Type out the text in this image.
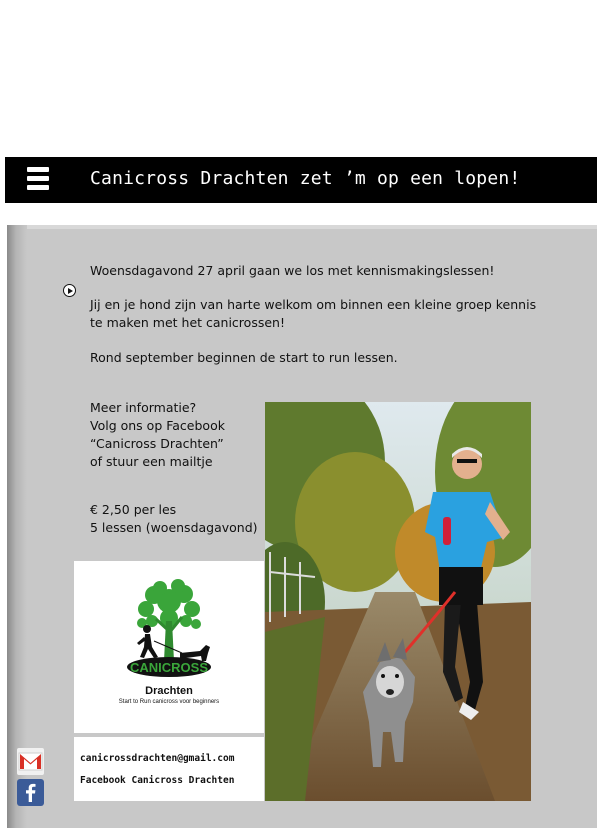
Canicross Drachten zet ’m op een lopen!
Woensdagavond 27 april gaan we los met kennismakingslessen!
Jij en je hond zijn van harte welkom om binnen een kleine groep kennis te maken met het canicrossen!
Rond september beginnen de start to run lessen.
Meer informatie?
Volg ons op Facebook
“Canicross Drachten”
of stuur een mailtje
€ 2,50 per les
5 lessen (woensdagavond)
CANICROSS
Drachten
Start to Run canicross voor beginners
canicrossdrachten@gmail.com
Facebook Canicross Drachten
